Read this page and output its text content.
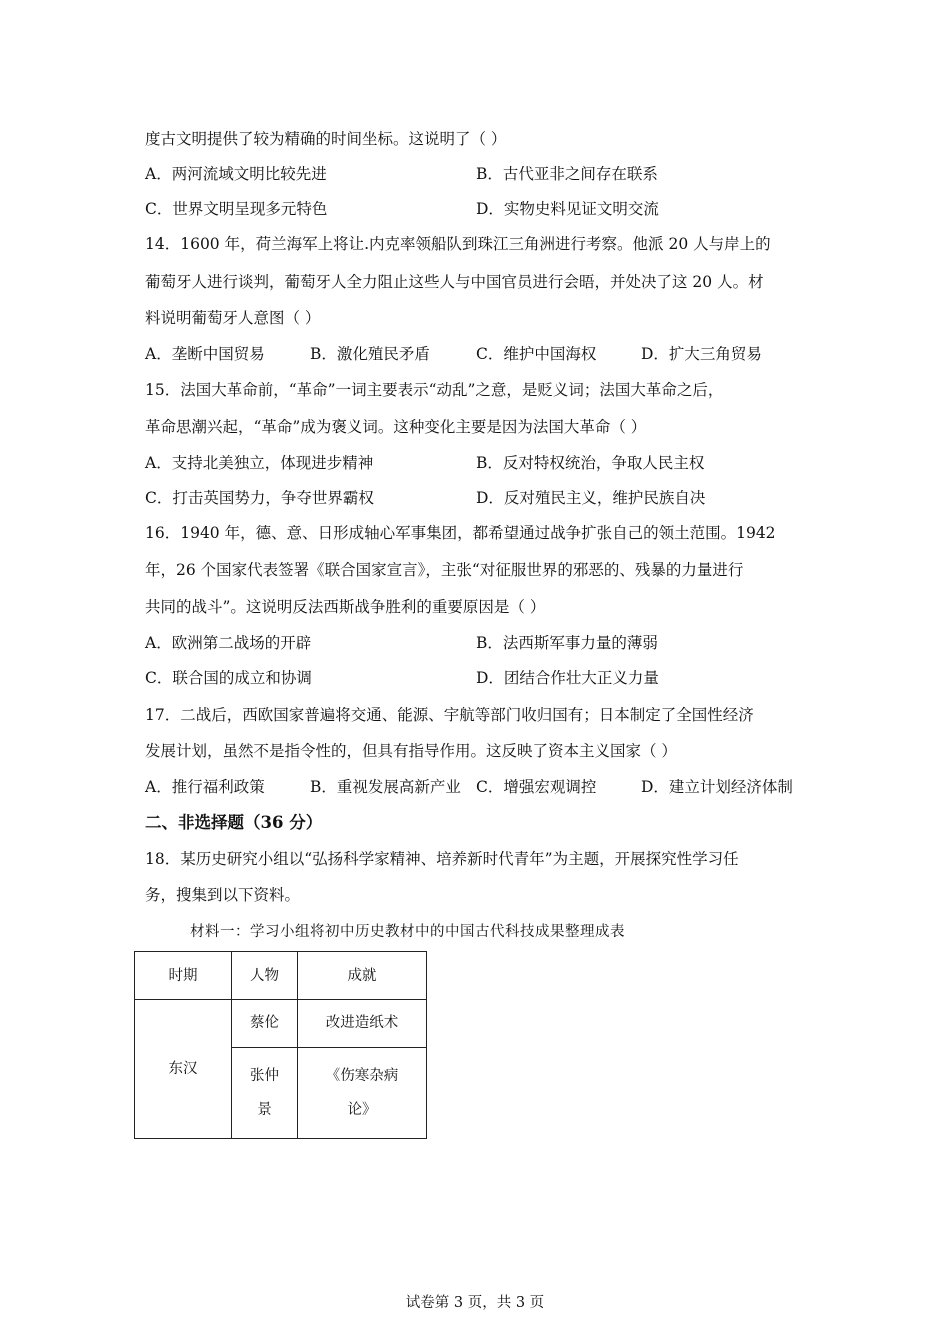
度古文明提供了较为精确的时间坐标。这说明了（ ）
A．两河流域文明比较先进	B．古代亚非之间存在联系
C．世界文明呈现多元特色	D．实物史料见证文明交流
14．1600 年，荷兰海军上将让.内克率领船队到珠江三角洲进行考察。他派 20 人与岸上的
葡萄牙人进行谈判，葡萄牙人全力阻止这些人与中国官员进行会晤，并处决了这 20 人。材
料说明葡萄牙人意图（ ）
A．垄断中国贸易	B．激化殖民矛盾	C．维护中国海权	D．扩大三角贸易
15．法国大革命前，“革命”一词主要表示“动乱”之意，是贬义词；法国大革命之后，
革命思潮兴起，“革命”成为褒义词。这种变化主要是因为法国大革命（ ）
A．支持北美独立，体现进步精神	B．反对特权统治，争取人民主权
C．打击英国势力，争夺世界霸权	D．反对殖民主义，维护民族自决
16．1940 年，德、意、日形成轴心军事集团，都希望通过战争扩张自己的领土范围。1942
年，26 个国家代表签署《联合国家宣言》，主张“对征服世界的邪恶的、残暴的力量进行
共同的战斗”。这说明反法西斯战争胜利的重要原因是（ ）
A．欧洲第二战场的开辟	B．法西斯军事力量的薄弱
C．联合国的成立和协调	D．团结合作壮大正义力量
17．二战后，西欧国家普遍将交通、能源、宇航等部门收归国有；日本制定了全国性经济
发展计划，虽然不是指令性的，但具有指导作用。这反映了资本主义国家（ ）
A．推行福利政策	B．重视发展高新产业 C．增强宏观调控	D．建立计划经济体制
二、非选择题（36 分）
18．某历史研究小组以“弘扬科学家精神、培养新时代青年”为主题，开展探究性学习任
务，搜集到以下资料。
材料一：学习小组将初中历史教材中的中国古代科技成果整理成表
时期	人物	成就
东汉	蔡伦	改进造纸术
	张仲景	《伤寒杂病论》
试卷第 3 页，共 3 页
